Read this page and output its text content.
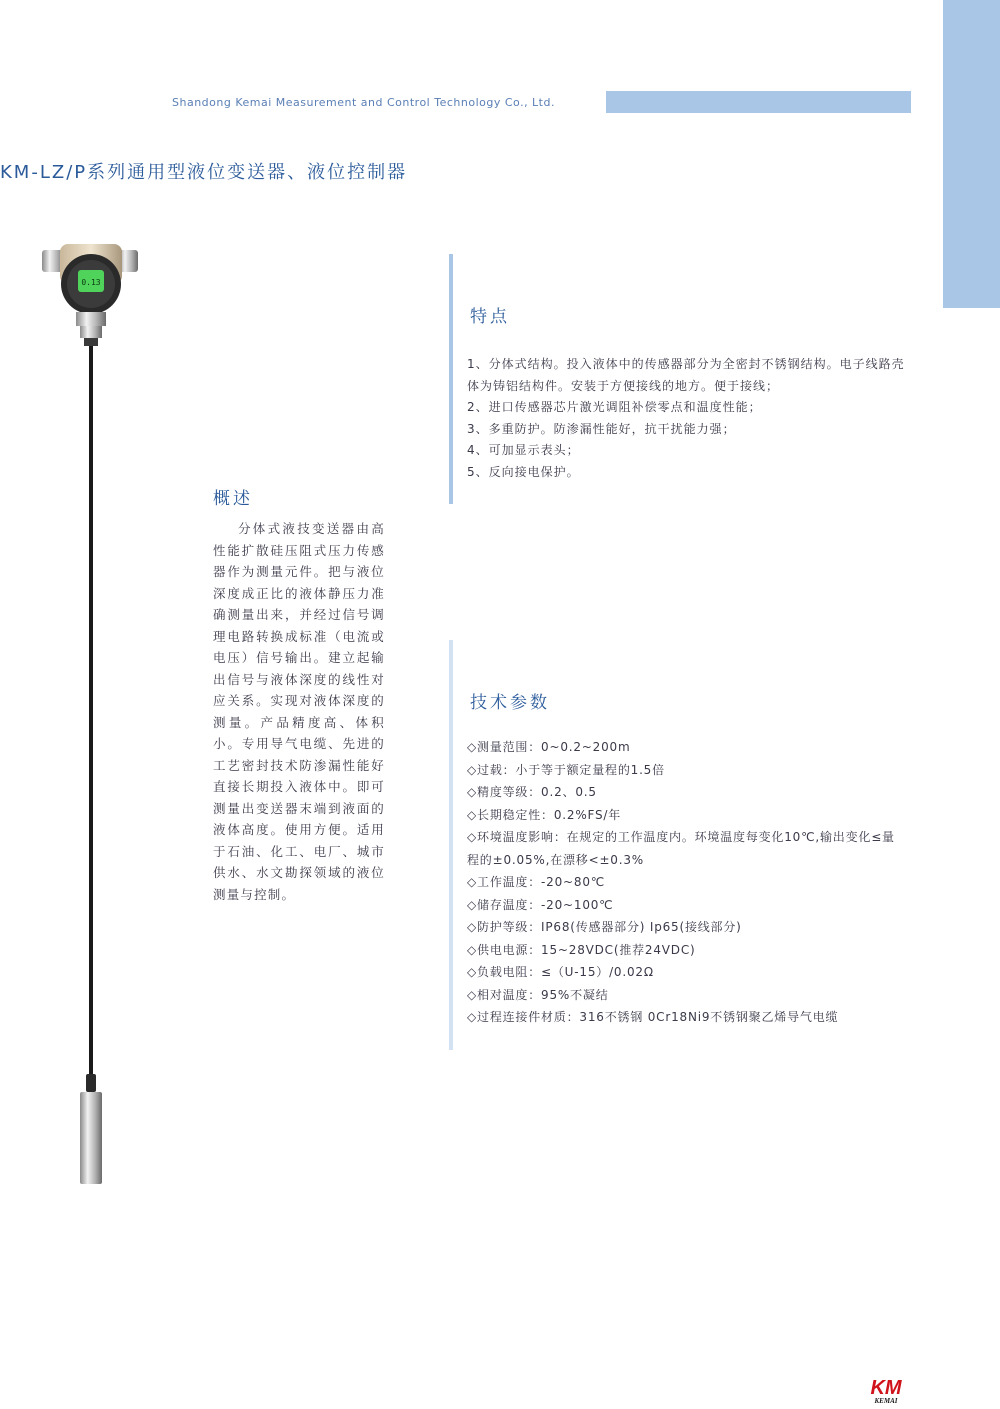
Shandong Kemai Measurement and Control Technology Co., Ltd.
KM-LZ/P系列通用型液位变送器、液位控制器
0.13
特点
1、分体式结构。投入液体中的传感器部分为全密封不锈钢结构。电子线路壳体为铸铝结构件。安装于方便接线的地方。便于接线；
2、进口传感器芯片激光调阻补偿零点和温度性能；
3、多重防护。防渗漏性能好，抗干扰能力强；
4、可加显示表头；
5、反向接电保护。
概述
分体式液技变送器由高性能扩散硅压阻式压力传感器作为测量元件。把与液位深度成正比的液体静压力准确测量出来，并经过信号调理电路转换成标准（电流或电压）信号输出。建立起输出信号与液体深度的线性对应关系。实现对液体深度的测量。产品精度高、体积小。专用导气电缆、先进的工艺密封技术防渗漏性能好直接长期投入液体中。即可测量出变送器末端到液面的液体高度。使用方便。适用于石油、化工、电厂、城市供水、水文勘探领域的液位测量与控制。
技术参数
◇测量范围：0~0.2~200m
◇过载：小于等于额定量程的1.5倍
◇精度等级：0.2、0.5
◇长期稳定性：0.2%FS/年
◇环境温度影响：在规定的工作温度内。环境温度每变化10℃,输出变化≤量程的±0.05%,在漂移<±0.3%
◇工作温度：-20~80℃
◇储存温度：-20~100℃
◇防护等级：IP68(传感器部分) Ip65(接线部分)
◇供电电源：15~28VDC(推荐24VDC)
◇负载电阻：≤（U-15）/0.02Ω
◇相对温度：95%不凝结
◇过程连接件材质：316不锈钢 0Cr18Ni9不锈钢聚乙烯导气电缆
KM
KEMAI
